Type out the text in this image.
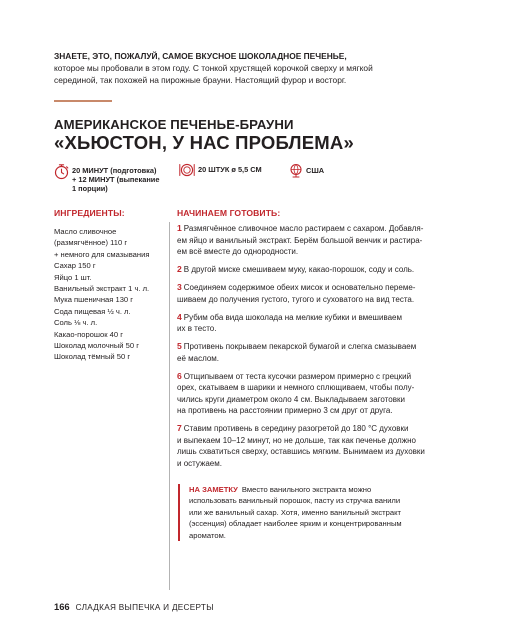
ЗНАЕТЕ, ЭТО, ПОЖАЛУЙ, САМОЕ ВКУСНОЕ ШОКОЛАДНОЕ ПЕЧЕНЬЕ,
которое мы пробовали в этом году. С тонкой хрустящей корочкой сверху и мягкой
серединой, так похожей на пирожные брауни. Настоящий фурор и восторг.
АМЕРИКАНСКОЕ ПЕЧЕНЬЕ-БРАУНИ
«ХЬЮСТОН, У НАС ПРОБЛЕМА»
20 МИНУТ (подготовка)
+ 12 МИНУТ (выпекание
1 порции)
20 ШТУК ø 5,5 СМ	США
ИНГРЕДИЕНТЫ:	НАЧИНАЕМ ГОТОВИТЬ:
Масло сливочное
(размягчённое) 110 г
+ немного для смазывания
Сахар 150 г
Яйцо 1 шт.
Ванильный экстракт 1 ч. л.
Мука пшеничная 130 г
Сода пищевая ½ ч. л.
Соль ⅛ ч. л.
Какао-порошок 40 г
Шоколад молочный 50 г
Шоколад тёмный 50 г
1 Размягчённое сливочное масло растираем с сахаром. Добавля-
ем яйцо и ванильный экстракт. Берём большой венчик и растира-
ем всё вместе до однородности.
2 В другой миске смешиваем муку, какао-порошок, соду и соль.
3 Соединяем содержимое обеих мисок и основательно переме-
шиваем до получения густого, тугого и суховатого на вид теста.
4 Рубим оба вида шоколада на мелкие кубики и вмешиваем
их в тесто.
5 Противень покрываем пекарской бумагой и слегка смазываем
её маслом.
6 Отщипываем от теста кусочки размером примерно с грецкий
орех, скатываем в шарики и немного сплющиваем, чтобы полу-
чились круги диаметром около 4 см. Выкладываем заготовки
на противень на расстоянии примерно 3 см друг от друга.
7 Ставим противень в середину разогретой до 180 °С духовки
и выпекаем 10–12 минут, но не дольше, так как печенье должно
лишь схватиться сверху, оставшись мягким. Вынимаем из духовки
и остужаем.
НА ЗАМЕТКУ Вместо ванильного экстракта можно
использовать ванильный порошок, пасту из стручка ванили
или же ванильный сахар. Хотя, именно ванильный экстракт
(эссенция) обладает наиболее ярким и концентрированным
ароматом.
166 СЛАДКАЯ ВЫПЕЧКА И ДЕСЕРТЫ
